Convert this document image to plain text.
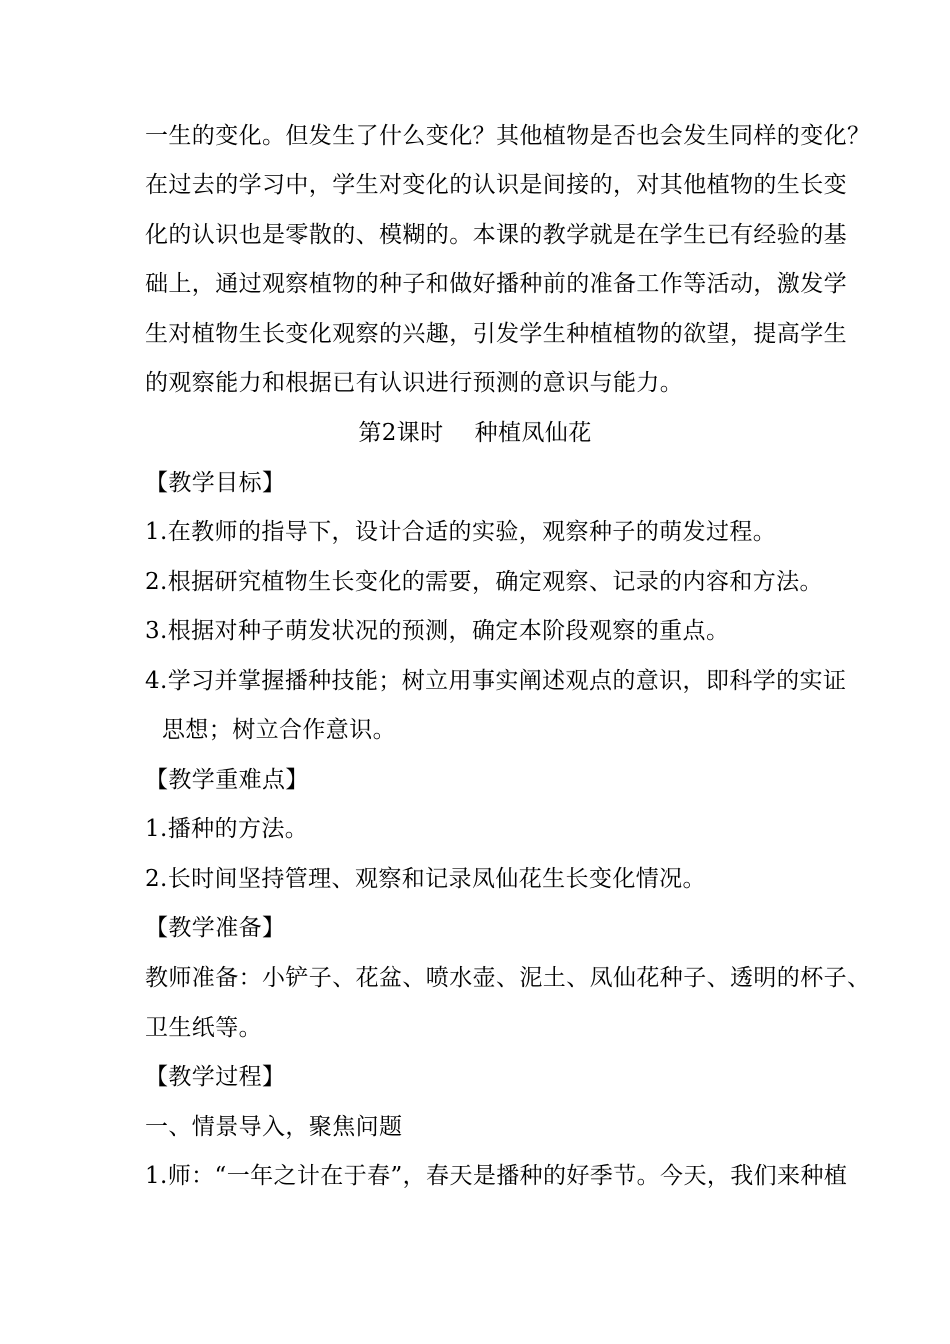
一生的变化。但发生了什么变化？其他植物是否也会发生同样的变化？
在过去的学习中，学生对变化的认识是间接的，对其他植物的生长变
化的认识也是零散的、模糊的。本课的教学就是在学生已有经验的基
础上，通过观察植物的种子和做好播种前的准备工作等活动，激发学
生对植物生长变化观察的兴趣，引发学生种植植物的欲望，提高学生
的观察能力和根据已有认识进行预测的意识与能力。
第2课时　 种植凤仙花
【教学目标】
1.在教师的指导下，设计合适的实验，观察种子的萌发过程。
2.根据研究植物生长变化的需要，确定观察、记录的内容和方法。
3.根据对种子萌发状况的预测，确定本阶段观察的重点。
4.学习并掌握播种技能；树立用事实阐述观点的意识，即科学的实证
思想；树立合作意识。
【教学重难点】
1.播种的方法。
2.长时间坚持管理、观察和记录凤仙花生长变化情况。
【教学准备】
教师准备：小铲子、花盆、喷水壶、泥土、凤仙花种子、透明的杯子、
卫生纸等。
【教学过程】
一、情景导入，聚焦问题
1.师：“一年之计在于春”，春天是播种的好季节。今天，我们来种植
